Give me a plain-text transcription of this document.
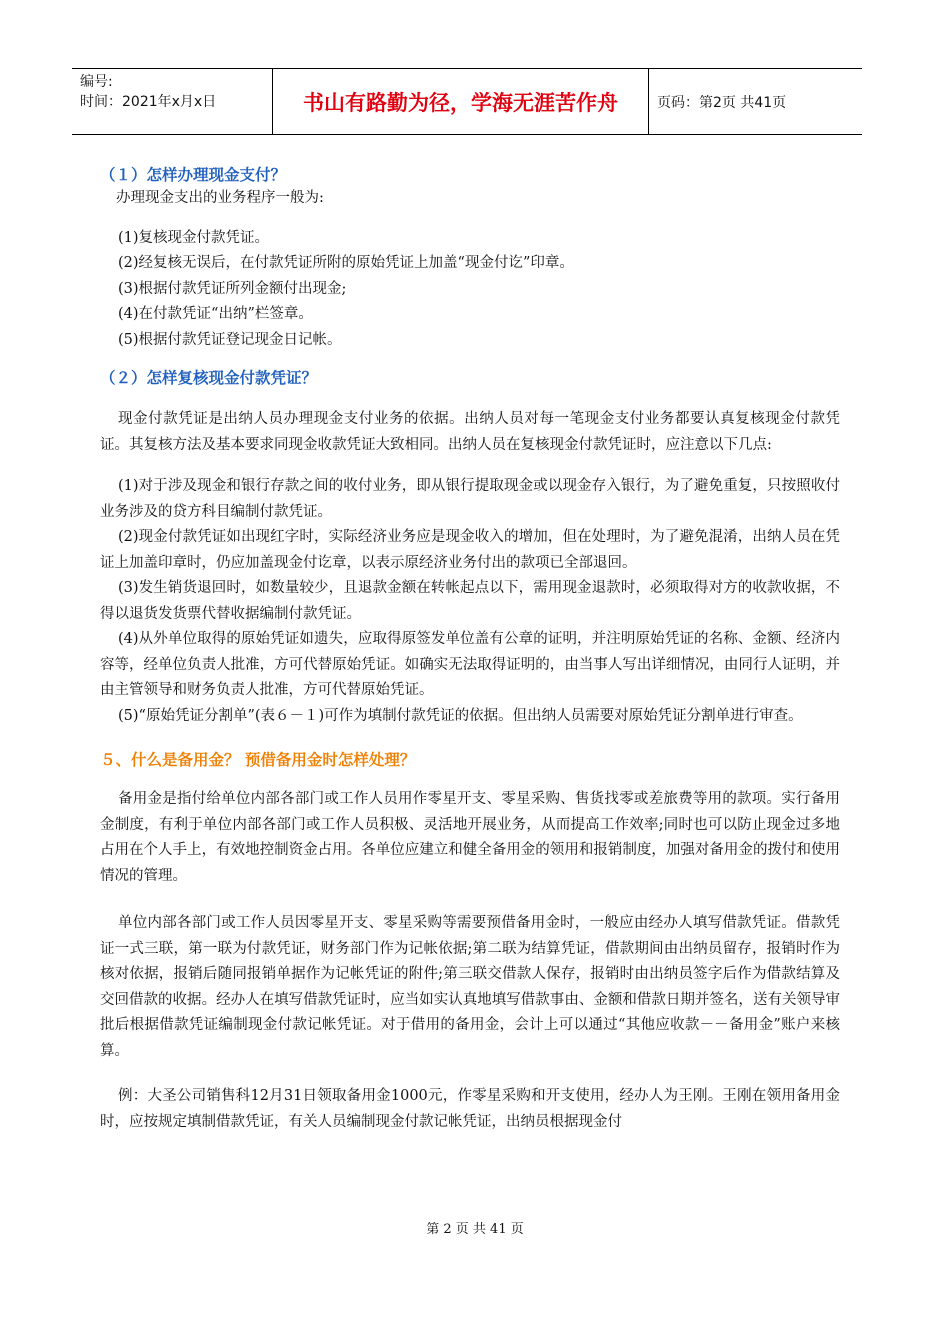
编号:
时间：2021年x月x日	书山有路勤为径，学海无涯苦作舟	页码：第2页 共41页
（１）怎样办理现金支付？

办理现金支出的业务程序一般为:

(1)复核现金付款凭证。

(2)经复核无误后，在付款凭证所附的原始凭证上加盖“现金付讫”印章。

(3)根据付款凭证所列金额付出现金;

(4)在付款凭证“出纳”栏签章。

(5)根据付款凭证登记现金日记帐。

（２）怎样复核现金付款凭证？

现金付款凭证是出纳人员办理现金支付业务的依据。出纳人员对每一笔现金支付业务都要认真复核现金付款凭证。其复核方法及基本要求同现金收款凭证大致相同。出纳人员在复核现金付款凭证时，应注意以下几点:

(1)对于涉及现金和银行存款之间的收付业务，即从银行提取现金或以现金存入银行，为了避免重复，只按照收付业务涉及的贷方科目编制付款凭证。

(2)现金付款凭证如出现红字时，实际经济业务应是现金收入的增加，但在处理时，为了避免混淆，出纳人员在凭证上加盖印章时，仍应加盖现金付讫章，以表示原经济业务付出的款项已全部退回。

(3)发生销货退回时，如数量较少，且退款金额在转帐起点以下，需用现金退款时，必须取得对方的收款收据，不得以退货发货票代替收据编制付款凭证。

(4)从外单位取得的原始凭证如遗失，应取得原签发单位盖有公章的证明，并注明原始凭证的名称、金额、经济内容等，经单位负责人批准，方可代替原始凭证。如确实无法取得证明的，由当事人写出详细情况，由同行人证明，并由主管领导和财务负责人批准，方可代替原始凭证。

(5)“原始凭证分割单”(表６－１)可作为填制付款凭证的依据。但出纳人员需要对原始凭证分割单进行审查。

５、什么是备用金？ 预借备用金时怎样处理？

备用金是指付给单位内部各部门或工作人员用作零星开支、零星采购、售货找零或差旅费等用的款项。实行备用金制度，有利于单位内部各部门或工作人员积极、灵活地开展业务，从而提高工作效率;同时也可以防止现金过多地占用在个人手上，有效地控制资金占用。各单位应建立和健全备用金的领用和报销制度，加强对备用金的拨付和使用情况的管理。

单位内部各部门或工作人员因零星开支、零星采购等需要预借备用金时，一般应由经办人填写借款凭证。借款凭证一式三联，第一联为付款凭证，财务部门作为记帐依据;第二联为结算凭证，借款期间由出纳员留存，报销时作为核对依据，报销后随同报销单据作为记帐凭证的附件;第三联交借款人保存，报销时由出纳员签字后作为借款结算及交回借款的收据。经办人在填写借款凭证时，应当如实认真地填写借款事由、金额和借款日期并签名，送有关领导审批后根据借款凭证编制现金付款记帐凭证。对于借用的备用金，会计上可以通过“其他应收款－－备用金”账户来核算。

例：大圣公司销售科12月31日领取备用金1000元，作零星采购和开支使用，经办人为王刚。王刚在领用备用金时，应按规定填制借款凭证，有关人员编制现金付款记帐凭证，出纳员根据现金付

第 2 页 共 41 页
